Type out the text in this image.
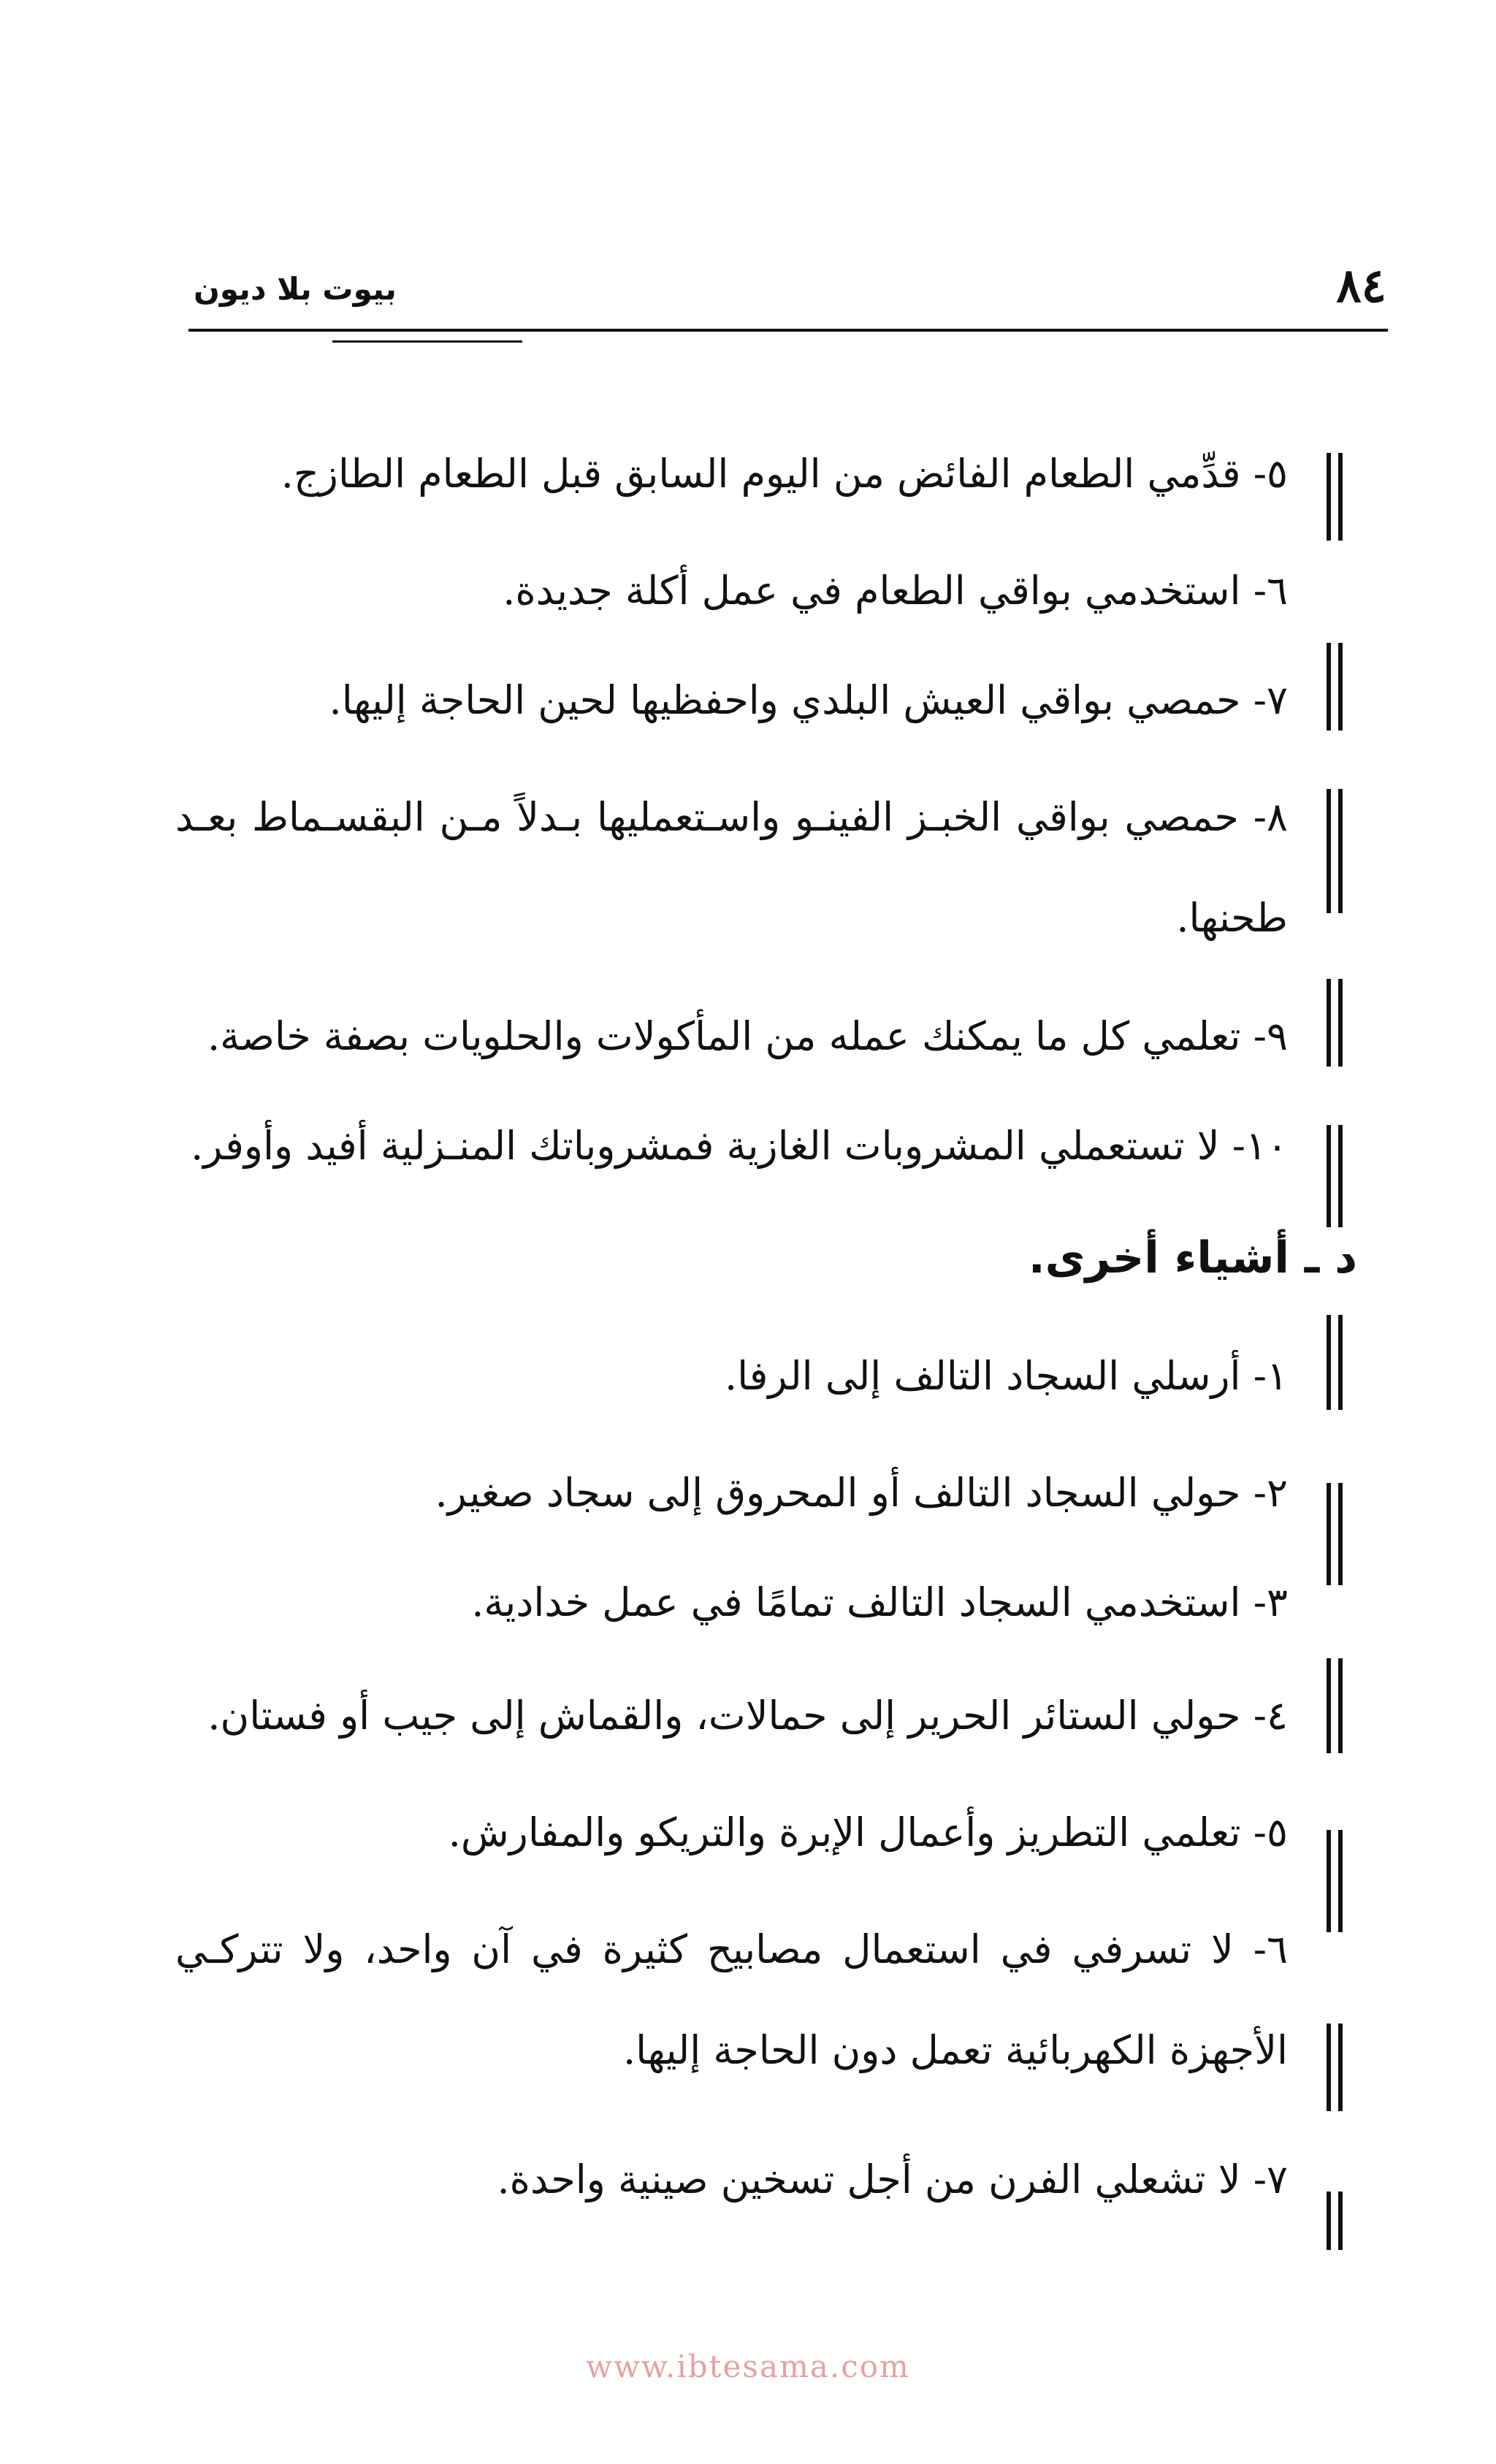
٨٤
بيوت بلا ديون
٥- قدِّمي الطعام الفائض من اليوم السابق قبل الطعام الطازج.
٦- استخدمي بواقي الطعام في عمل أكلة جديدة.
٧- حمصي بواقي العيش البلدي واحفظيها لحين الحاجة إليها.
٨- حمصي بواقي الخبـز الفينـو واسـتعمليها بـدلاً مـن البقسـماط بعـد طحنها.
٩- تعلمي كل ما يمكنك عمله من المأكولات والحلويات بصفة خاصة.
١٠- لا تستعملي المشروبات الغازية فمشروباتك المنـزلية أفيد وأوفر.
د ـ أشياء أخرى.
١- أرسلي السجاد التالف إلى الرفا.
٢- حولي السجاد التالف أو المحروق إلى سجاد صغير.
٣- استخدمي السجاد التالف تمامًا في عمل خدادية.
٤- حولي الستائر الحرير إلى حمالات، والقماش إلى جيب أو فستان.
٥- تعلمي التطريز وأعمال الإبرة والتريكو والمفارش.
٦- لا تسرفي في استعمال مصابيح كثيرة في آن واحد، ولا تتركـي الأجهزة الكهربائية تعمل دون الحاجة إليها.
٧- لا تشعلي الفرن من أجل تسخين صينية واحدة.
www.ibtesama.com
